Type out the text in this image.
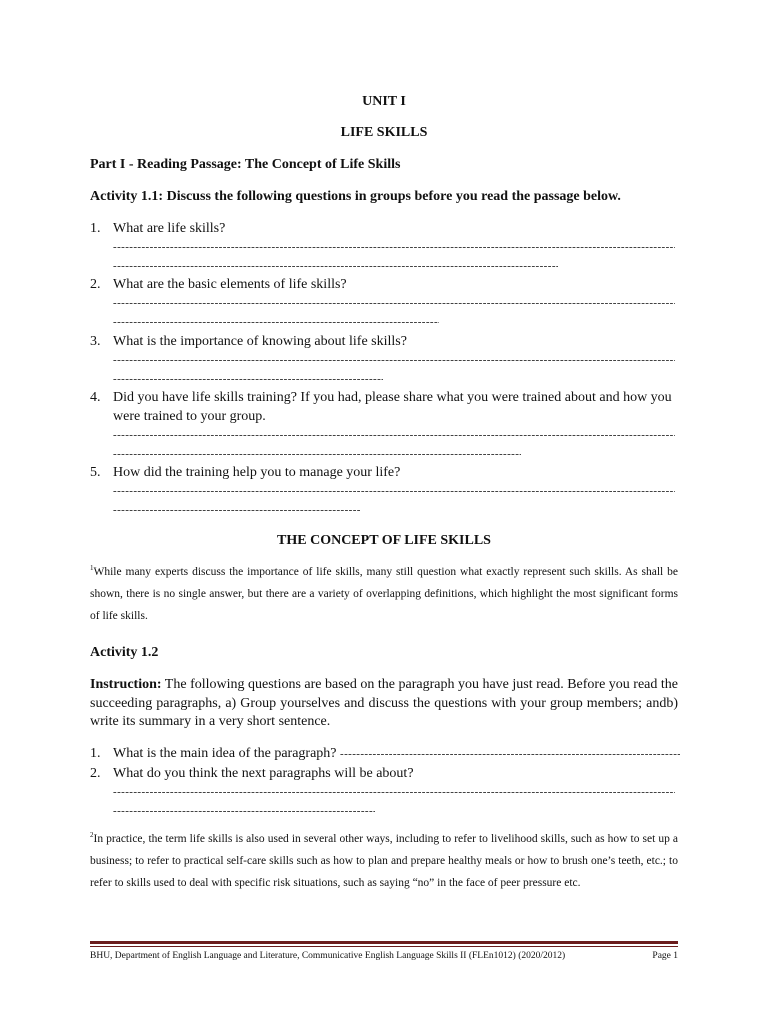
UNIT I
LIFE SKILLS
Part I - Reading Passage: The Concept of Life Skills
Activity 1.1: Discuss the following questions in groups before you read the passage below.
1. What are life skills?
-----
-----
2. What are the basic elements of life skills?
-----
-----
3. What is the importance of knowing about life skills?
-----
-----
4. Did you have life skills training? If you had, please share what you were trained about and how you were trained to your group.
-----
-----
5. How did the training help you to manage your life?
-----
-----
THE CONCEPT OF LIFE SKILLS
$^1$While many experts discuss the importance of life skills, many still question what exactly represent such skills. As shall be shown, there is no single answer, but there are a variety of overlapping definitions, which highlight the most significant forms of life skills.
Activity 1.2
Instruction: The following questions are based on the paragraph you have just read. Before you read the succeeding paragraphs, a) Group yourselves and discuss the questions with your group members; andb) write its summary in a very short sentence.
1. What is the main idea of the paragraph? -----
2. What do you think the next paragraphs will be about?
-----
-----
$^2$In practice, the term life skills is also used in several other ways, including to refer to livelihood skills, such as how to set up a business; to refer to practical self-care skills such as how to plan and prepare healthy meals or how to brush one’s teeth, etc.; to refer to skills used to deal with specific risk situations, such as saying “no” in the face of peer pressure etc.
BHU, Department of English Language and Literature, Communicative English Language Skills II (FLEn1012) (2020/2012)	Page 1
